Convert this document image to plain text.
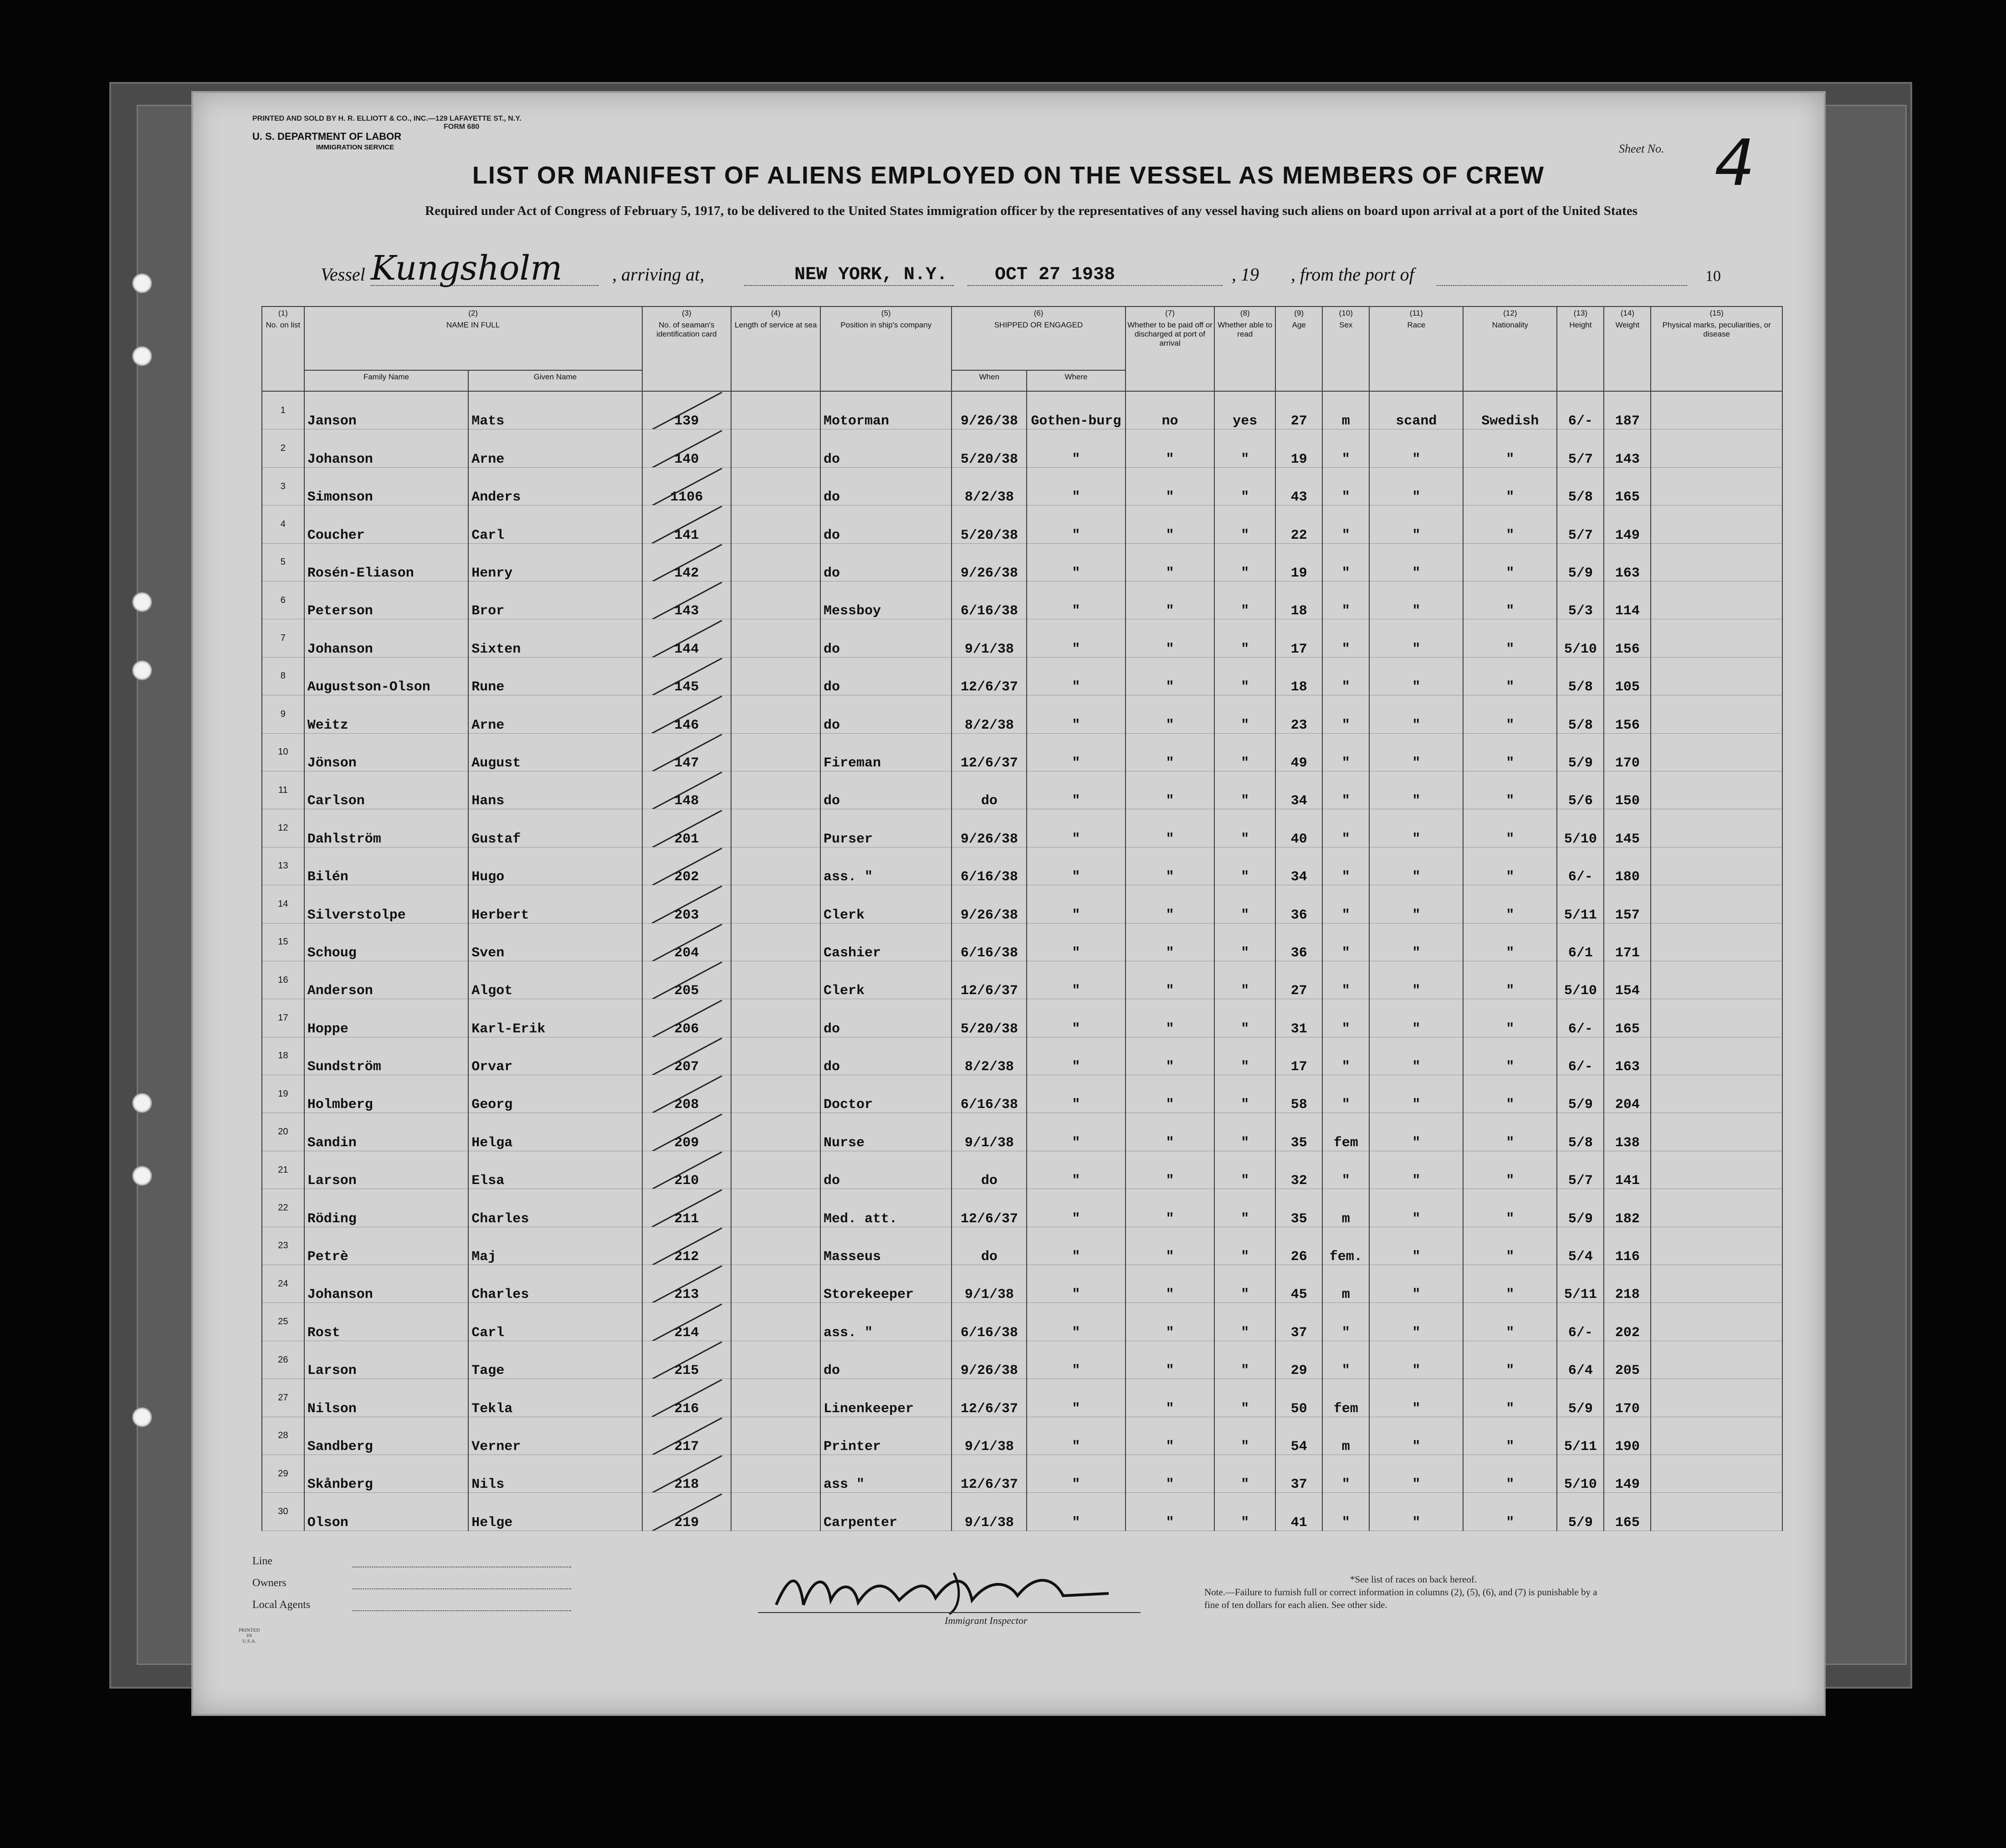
PRINTED AND SOLD BY H. R. ELLIOTT & CO., INC.—129 LAFAYETTE ST., N.Y.
FORM 680
U. S. DEPARTMENT OF LABOR
IMMIGRATION SERVICE	Sheet No. 4
LIST OR MANIFEST OF ALIENS EMPLOYED ON THE VESSEL AS MEMBERS OF CREW
Required under Act of Congress of February 5, 1917, to be delivered to the United States immigration officer by the representatives of any vessel having such aliens on board upon arrival at a port of the United States
Vessel Kungsholm	, arriving at,	NEW YORK, N.Y.	OCT 27 1938	, 19 , from the port of	10
(1)
No. on list	(2)
NAME IN FULL		(3)
No. of seaman's identification card	(4)
Length of service at sea	(5)
Position in ship's company	(6)
SHIPPED OR ENGAGED		(7)
Whether to be paid off or discharged at port of arrival	(8)
Whether able to read	(9)
Age	(10)
Sex	(11)
Race	(12)
Nationality	(13)
Height	(14)
Weight	(15)
Physical marks, peculiarities, or disease
	Family Name	Given Name				When	Where									
1	Janson	Mats	139		Motorman	9/26/38	Gothen-burg	no	yes	27	m	scand	Swedish	6/-	187	
2	Johanson	Arne	140		do	5/20/38	"	"	"	19	"	"	"	5/7	143	
3	Simonson	Anders	1106		do	8/2/38	"	"	"	43	"	"	"	5/8	165	
4	Coucher	Carl	141		do	5/20/38	"	"	"	22	"	"	"	5/7	149	
5	Rosén-Eliason	Henry	142		do	9/26/38	"	"	"	19	"	"	"	5/9	163	
6	Peterson	Bror	143		Messboy	6/16/38	"	"	"	18	"	"	"	5/3	114	
7	Johanson	Sixten	144		do	9/1/38	"	"	"	17	"	"	"	5/10	156	
8	Augustson-Olson	Rune	145		do	12/6/37	"	"	"	18	"	"	"	5/8	105	
9	Weitz	Arne	146		do	8/2/38	"	"	"	23	"	"	"	5/8	156	
10	Jönson	August	147		Fireman	12/6/37	"	"	"	49	"	"	"	5/9	170	
11	Carlson	Hans	148		do	do	"	"	"	34	"	"	"	5/6	150	
12	Dahlström	Gustaf	201		Purser	9/26/38	"	"	"	40	"	"	"	5/10	145	
13	Bilén	Hugo	202		ass. "	6/16/38	"	"	"	34	"	"	"	6/-	180	
14	Silverstolpe	Herbert	203		Clerk	9/26/38	"	"	"	36	"	"	"	5/11	157	
15	Schoug	Sven	204		Cashier	6/16/38	"	"	"	36	"	"	"	6/1	171	
16	Anderson	Algot	205		Clerk	12/6/37	"	"	"	27	"	"	"	5/10	154	
17	Hoppe	Karl-Erik	206		do	5/20/38	"	"	"	31	"	"	"	6/-	165	
18	Sundström	Orvar	207		do	8/2/38	"	"	"	17	"	"	"	6/-	163	
19	Holmberg	Georg	208		Doctor	6/16/38	"	"	"	58	"	"	"	5/9	204	
20	Sandin	Helga	209		Nurse	9/1/38	"	"	"	35	fem	"	"	5/8	138	
21	Larson	Elsa	210		do	do	"	"	"	32	"	"	"	5/7	141	
22	Röding	Charles	211		Med. att.	12/6/37	"	"	"	35	m	"	"	5/9	182	
23	Petrè	Maj	212		Masseus	do	"	"	"	26	fem.	"	"	5/4	116	
24	Johanson	Charles	213		Storekeeper	9/1/38	"	"	"	45	m	"	"	5/11	218	
25	Rost	Carl	214		ass. "	6/16/38	"	"	"	37	"	"	"	6/-	202	
26	Larson	Tage	215		do	9/26/38	"	"	"	29	"	"	"	6/4	205	
27	Nilson	Tekla	216		Linenkeeper	12/6/37	"	"	"	50	fem	"	"	5/9	170	
28	Sandberg	Verner	217		Printer	9/1/38	"	"	"	54	m	"	"	5/11	190	
29	Skånberg	Nils	218		ass "	12/6/37	"	"	"	37	"	"	"	5/10	149	
30	Olson	Helge	219		Carpenter	9/1/38	"	"	"	41	"	"	"	5/9	165	
Line
Owners
Local Agents
Immigrant Inspector
*See list of races on back hereof.
Note.—Failure to furnish full or correct information in columns (2), (5), (6), and (7) is punishable by a fine of ten dollars for each alien. See other side.
PRINTED
IN
U.S.A.
